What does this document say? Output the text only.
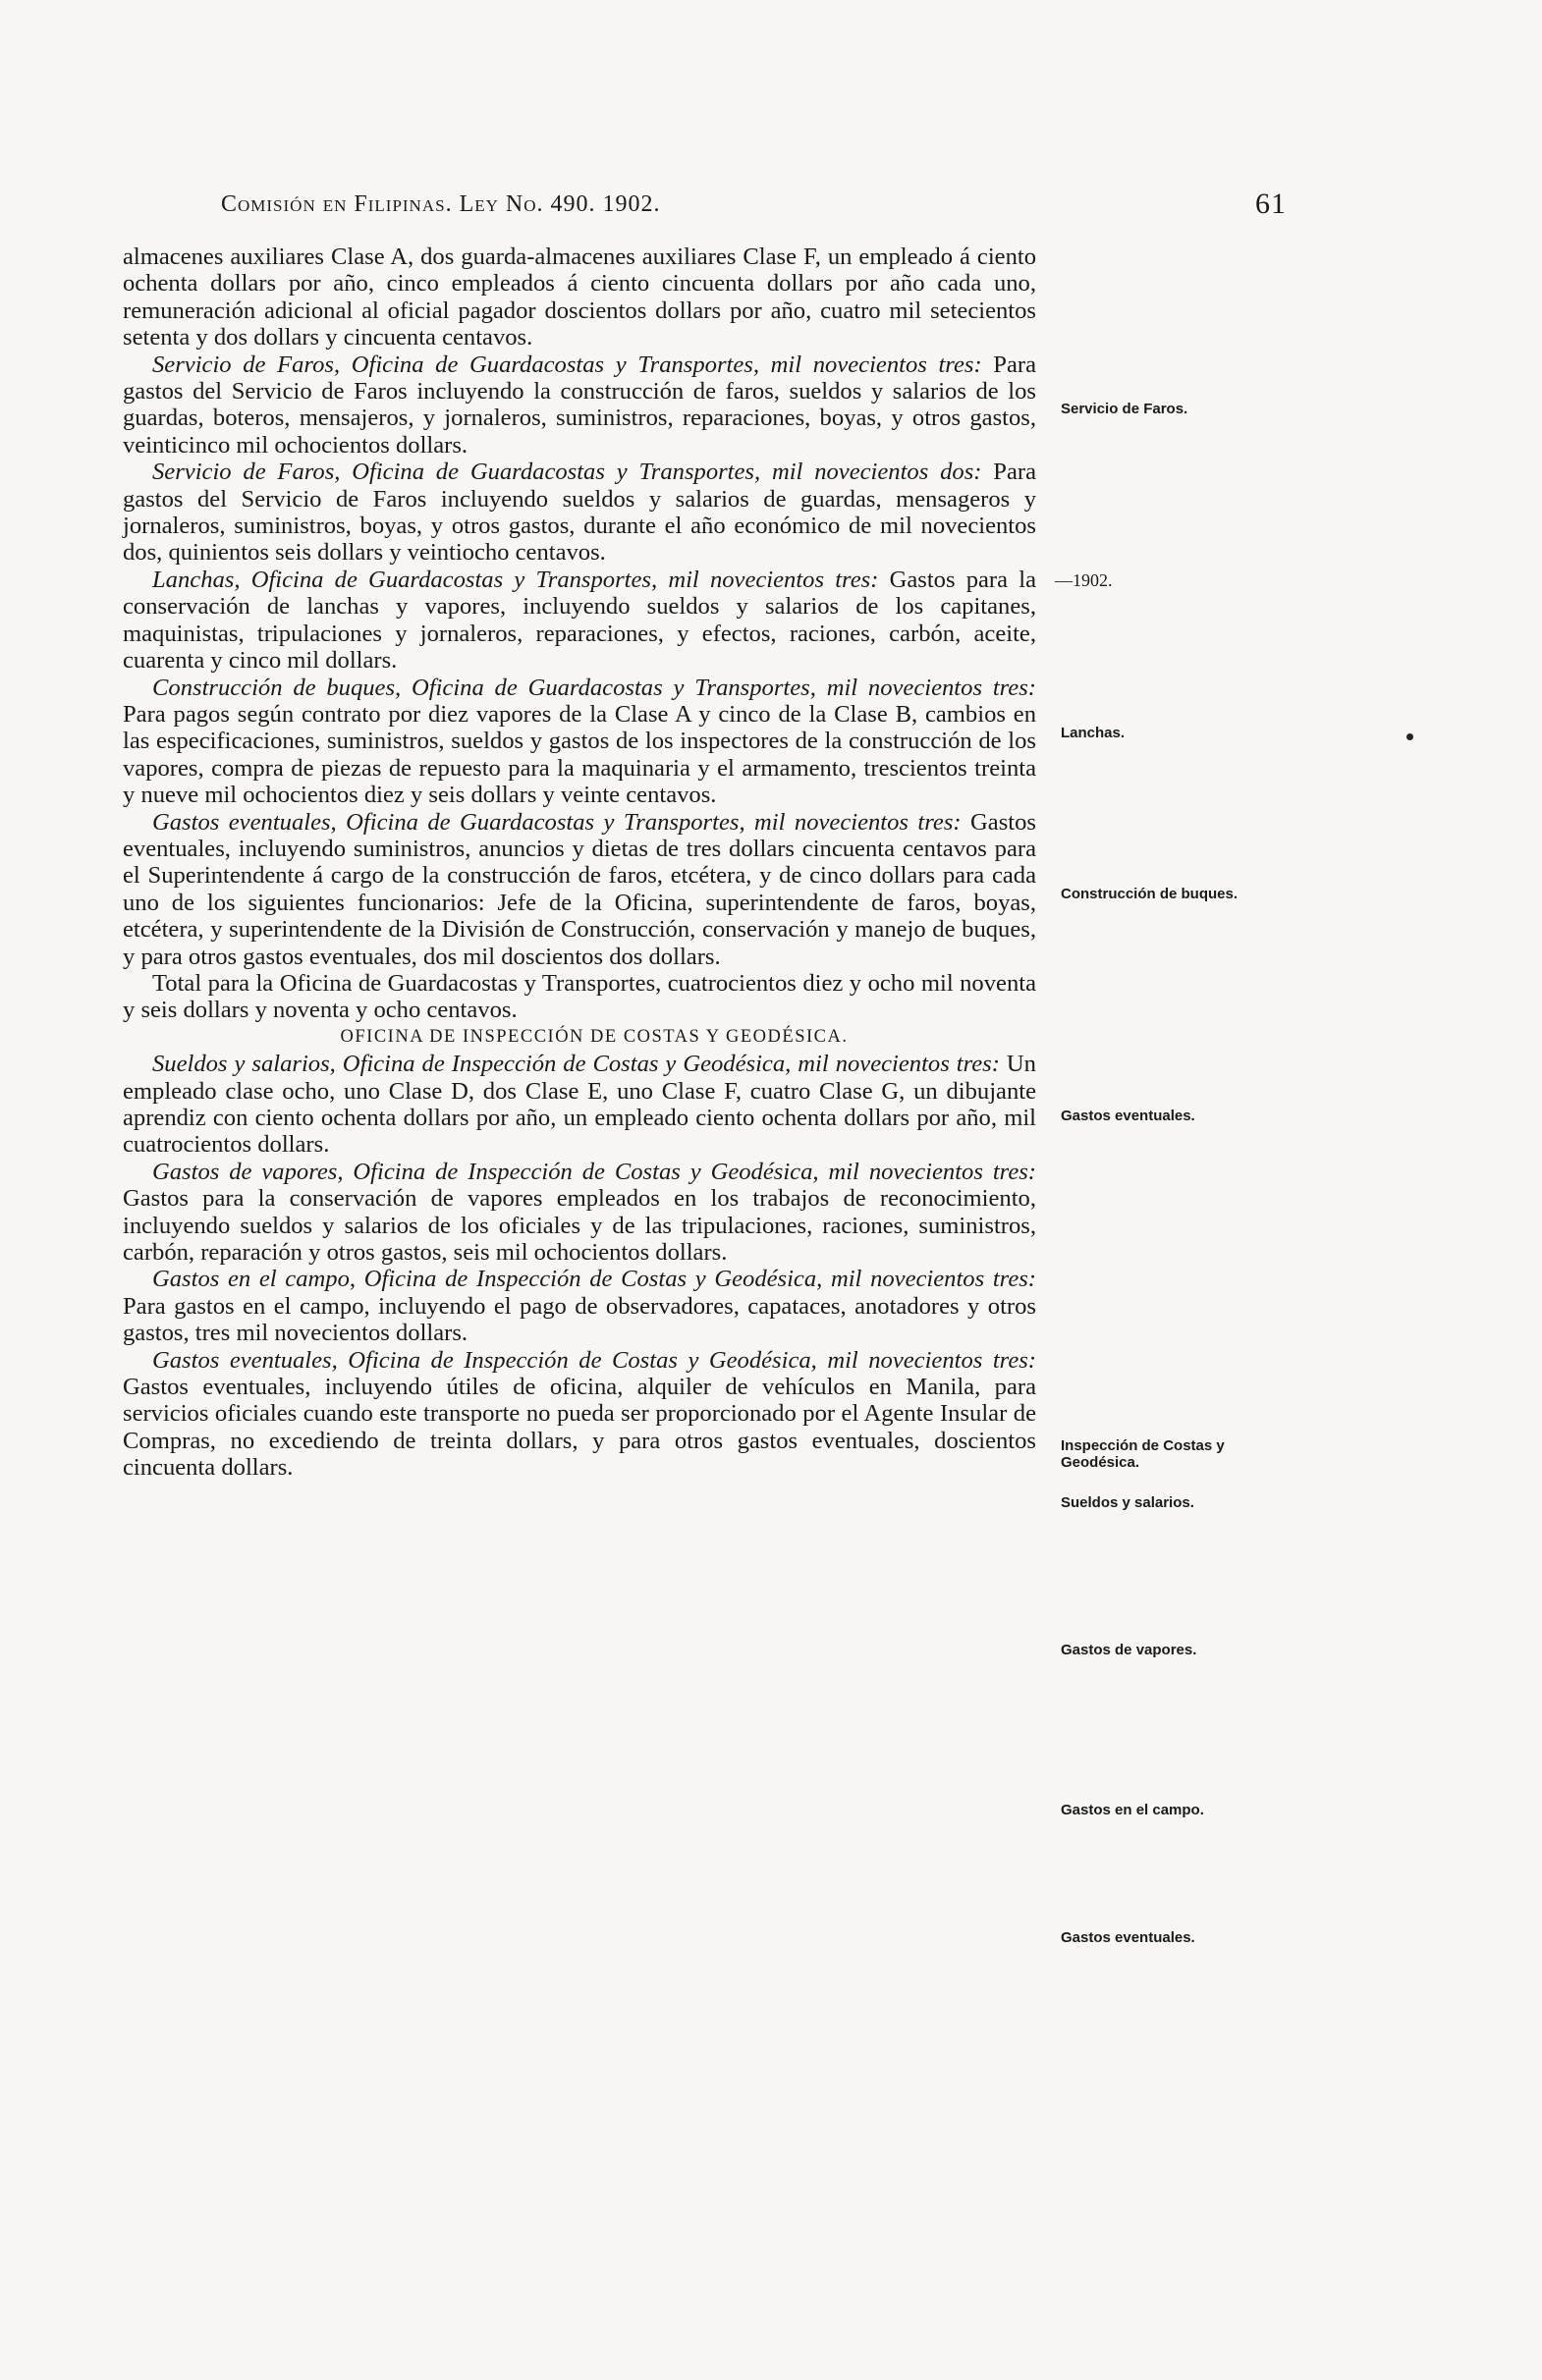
Comisión en Filipinas. Ley No. 490. 1902.	61

almacenes auxiliares Clase A, dos guarda-almacenes auxiliares Clase F, un empleado á ciento ochenta dollars por año, cinco empleados á ciento cincuenta dollars por año cada uno, remuneración adicional al oficial pagador doscientos dollars por año, cuatro mil setecientos setenta y dos dollars y cincuenta centavos.

Servicio de Faros, Oficina de Guardacostas y Transportes, mil novecientos tres: Para gastos del Servicio de Faros incluyendo la construcción de faros, sueldos y salarios de los guardas, boteros, mensajeros, y jornaleros, suministros, reparaciones, boyas, y otros gastos, veinticinco mil ochocientos dollars.

Servicio de Faros, Oficina de Guardacostas y Transportes, mil novecientos dos: Para gastos del Servicio de Faros incluyendo sueldos y salarios de guardas, mensageros y jornaleros, suministros, boyas, y otros gastos, durante el año económico de mil novecientos dos, quinientos seis dollars y veintiocho centavos.

Lanchas, Oficina de Guardacostas y Transportes, mil novecientos tres: Gastos para la conservación de lanchas y vapores, incluyendo sueldos y salarios de los capitanes, maquinistas, tripulaciones y jornaleros, reparaciones, y efectos, raciones, carbón, aceite, cuarenta y cinco mil dollars.

Construcción de buques, Oficina de Guardacostas y Transportes, mil novecientos tres: Para pagos según contrato por diez vapores de la Clase A y cinco de la Clase B, cambios en las especificaciones, suministros, sueldos y gastos de los inspectores de la construcción de los vapores, compra de piezas de repuesto para la maquinaria y el armamento, trescientos treinta y nueve mil ochocientos diez y seis dollars y veinte centavos.

Gastos eventuales, Oficina de Guardacostas y Transportes, mil novecientos tres: Gastos eventuales, incluyendo suministros, anuncios y dietas de tres dollars cincuenta centavos para el Superintendente á cargo de la construcción de faros, etcétera, y de cinco dollars para cada uno de los siguientes funcionarios: Jefe de la Oficina, superintendente de faros, boyas, etcétera, y superintendente de la División de Construcción, conservación y manejo de buques, y para otros gastos eventuales, dos mil doscientos dos dollars.

Total para la Oficina de Guardacostas y Transportes, cuatrocientos diez y ocho mil noventa y seis dollars y noventa y ocho centavos.

OFICINA DE INSPECCIÓN DE COSTAS Y GEODÉSICA.

Sueldos y salarios, Oficina de Inspección de Costas y Geodésica, mil novecientos tres: Un empleado clase ocho, uno Clase D, dos Clase E, uno Clase F, cuatro Clase G, un dibujante aprendiz con ciento ochenta dollars por año, un empleado ciento ochenta dollars por año, mil cuatrocientos dollars.

Gastos de vapores, Oficina de Inspección de Costas y Geodésica, mil novecientos tres: Gastos para la conservación de vapores empleados en los trabajos de reconocimiento, incluyendo sueldos y salarios de los oficiales y de las tripulaciones, raciones, suministros, carbón, reparación y otros gastos, seis mil ochocientos dollars.

Gastos en el campo, Oficina de Inspección de Costas y Geodésica, mil novecientos tres: Para gastos en el campo, incluyendo el pago de observadores, capataces, anotadores y otros gastos, tres mil novecientos dollars.

Gastos eventuales, Oficina de Inspección de Costas y Geodésica, mil novecientos tres: Gastos eventuales, incluyendo útiles de oficina, alquiler de vehículos en Manila, para servicios oficiales cuando este transporte no pueda ser proporcionado por el Agente Insular de Compras, no excediendo de treinta dollars, y para otros gastos eventuales, doscientos cincuenta dollars.

Servicio de Faros.
—1902.
Lanchas.
Construcción de buques.
Gastos eventuales.
Inspección de Costas y Geodésica.
Sueldos y salarios.
Gastos de vapores.
Gastos en el campo.
Gastos eventuales.
